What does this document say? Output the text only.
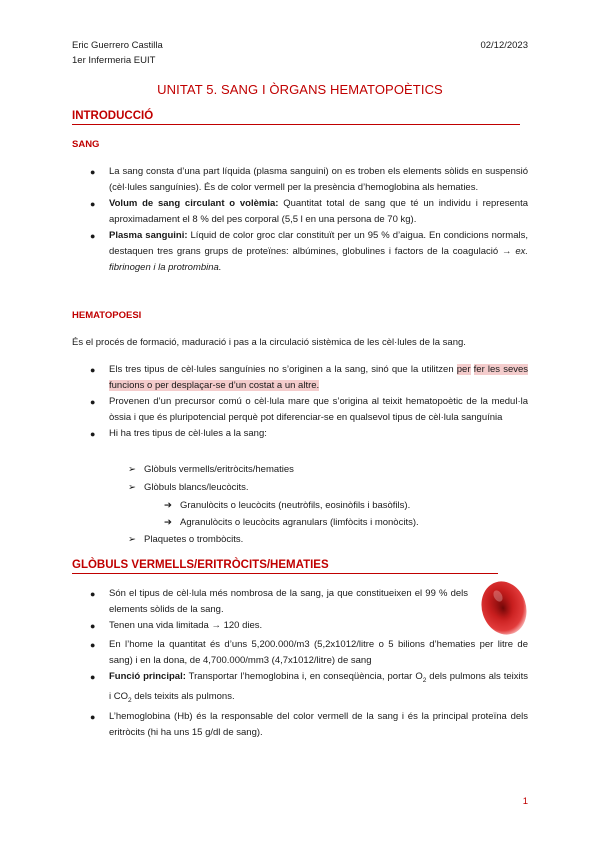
Eric Guerrero Castilla
1er Infermeria EUIT
02/12/2023
UNITAT 5. SANG I ÒRGANS HEMATOPOÈTICS
INTRODUCCIÓ
SANG
● La sang consta d’una part líquida (plasma sanguini) on es troben els elements sòlids en suspensió (cèl·lules sanguínies). És de color vermell per la presència d’hemoglobina als hematies.
● Volum de sang circulant o volèmia: Quantitat total de sang que té un individu i representa aproximadament el 8 % del pes corporal (5,5 l en una persona de 70 kg).
● Plasma sanguini: Líquid de color groc clar constituït per un 95 % d’aigua. En condicions normals, destaquen tres grans grups de proteïnes: albúmines, globulines i factors de la coagulació → ex. fibrinogen i la protrombina.
HEMATOPOESI
És el procés de formació, maduració i pas a la circulació sistèmica de les cèl·lules de la sang.
● Els tres tipus de cèl·lules sanguínies no s’originen a la sang, sinó que la utilitzen per fer les seves funcions o per desplaçar-se d’un costat a un altre.
● Provenen d’un precursor comú o cèl·lula mare que s’origina al teixit hematopoètic de la medul·la òssia i que és pluripotencial perquè pot diferenciar-se en qualsevol tipus de cèl·lula sanguínia
● Hi ha tres tipus de cèl·lules a la sang:
➢ Glòbuls vermells/eritròcits/hematies
➢ Glòbuls blancs/leucòcits.
➔ Granulòcits o leucòcits (neutròfils, eosinòfils i basòfils).
➔ Agranulòcits o leucòcits agranulars (limfòcits i monòcits).
➢ Plaquetes o trombòcits.
GLÒBULS VERMELLS/ERITRÒCITS/HEMATIES
● Són el tipus de cèl·lula més nombrosa de la sang, ja que constitueixen el 99 % dels elements sòlids de la sang.
● Tenen una vida limitada → 120 dies.
● En l’home la quantitat és d’uns 5,200.000/m3 (5,2x1012/litre o 5 bilions d’hematies per litre de sang) i en la dona, de 4,700.000/mm3 (4,7x1012/litre) de sang
● Funció principal: Transportar l’hemoglobina i, en conseqüència, portar $O_2$ dels pulmons als teixits i $CO_2$ dels teixits als pulmons.
● L’hemoglobina (Hb) és la responsable del color vermell de la sang i és la principal proteïna dels eritròcits (hi ha uns 15 g/dl de sang).
1
